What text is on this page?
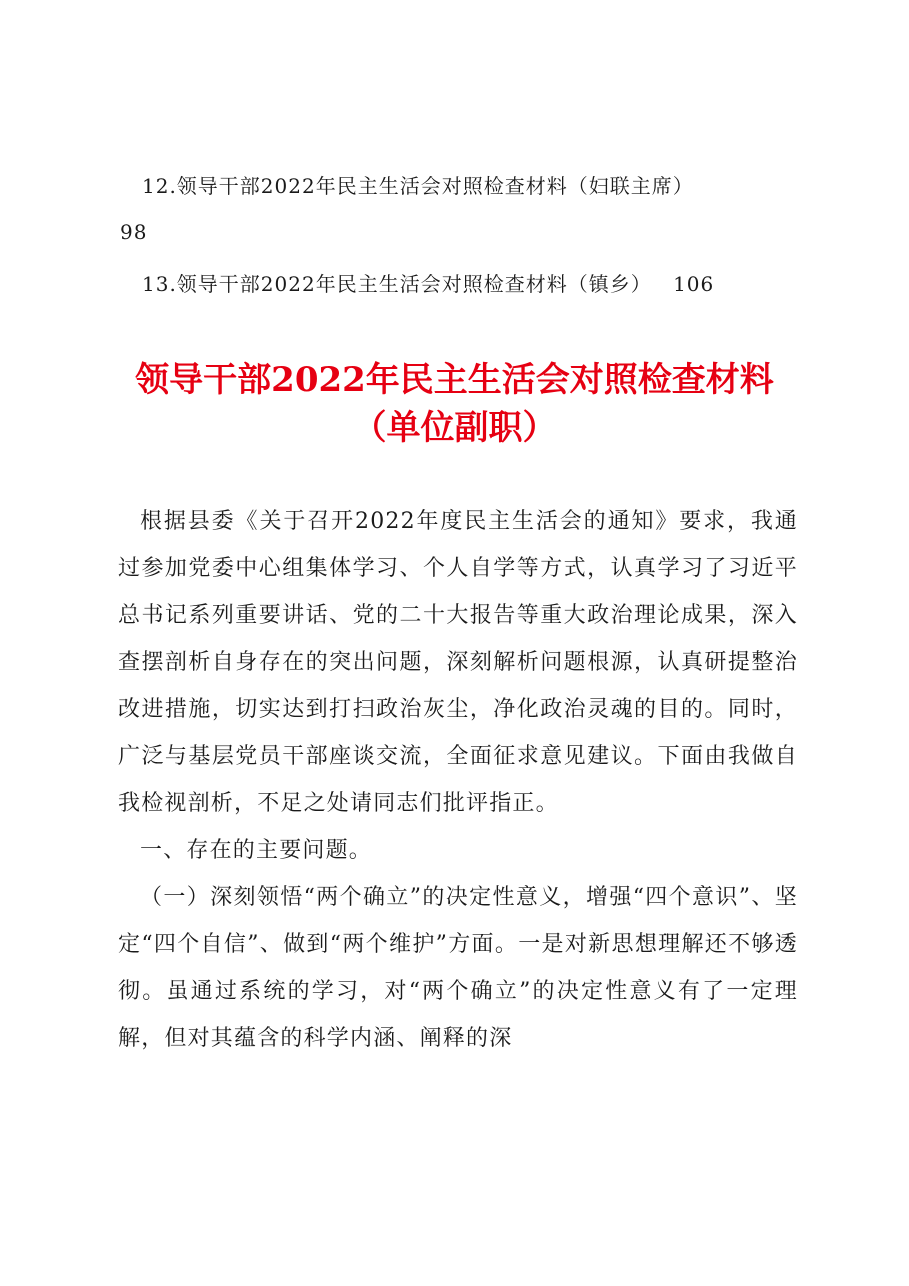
12.领导干部2022年民主生活会对照检查材料（妇联主席）
98
13.领导干部2022年民主生活会对照检查材料（镇乡） 106
领导干部2022年民主生活会对照检查材料
（单位副职）

根据县委《关于召开2022年度民主生活会的通知》要求，我通过参加党委中心组集体学习、个人自学等方式，认真学习了习近平总书记系列重要讲话、党的二十大报告等重大政治理论成果，深入查摆剖析自身存在的突出问题，深刻解析问题根源，认真研提整治改进措施，切实达到打扫政治灰尘，净化政治灵魂的目的。同时，广泛与基层党员干部座谈交流，全面征求意见建议。下面由我做自我检视剖析，不足之处请同志们批评指正。

一、存在的主要问题。

（一）深刻领悟“两个确立”的决定性意义，增强“四个意识”、坚定“四个自信”、做到“两个维护”方面。一是对新思想理解还不够透彻。虽通过系统的学习，对“两个确立”的决定性意义有了一定理解，但对其蕴含的科学内涵、阐释的深
